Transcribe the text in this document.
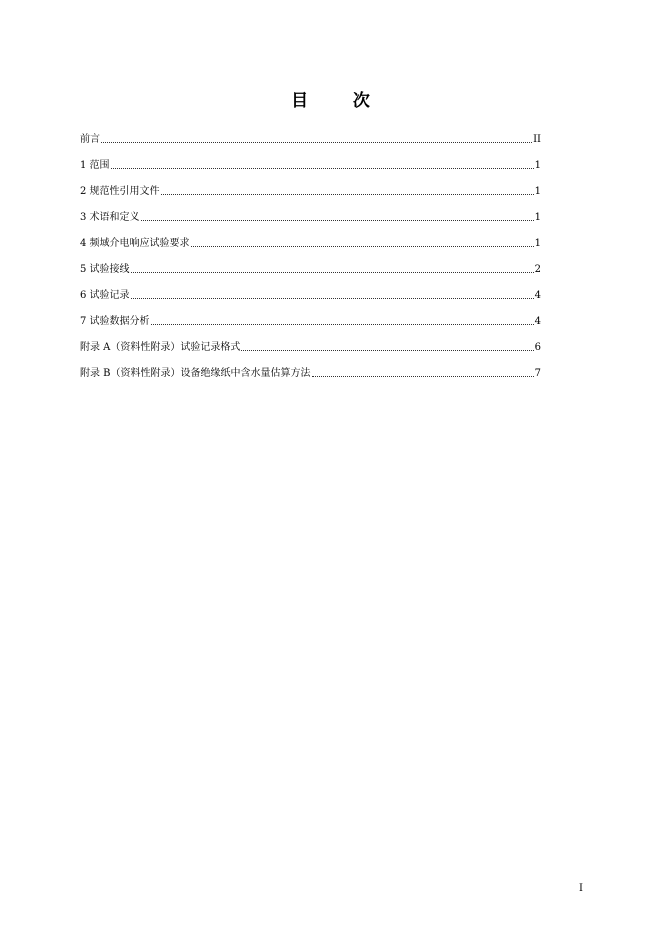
目	次
前言	II
1 范围	1
2 规范性引用文件	1
3 术语和定义	1
4 频域介电响应试验要求	1
5 试验接线	2
6 试验记录	4
7 试验数据分析	4
附录 A（资料性附录）试验记录格式	6
附录 B（资料性附录）设备绝缘纸中含水量估算方法	7
I
